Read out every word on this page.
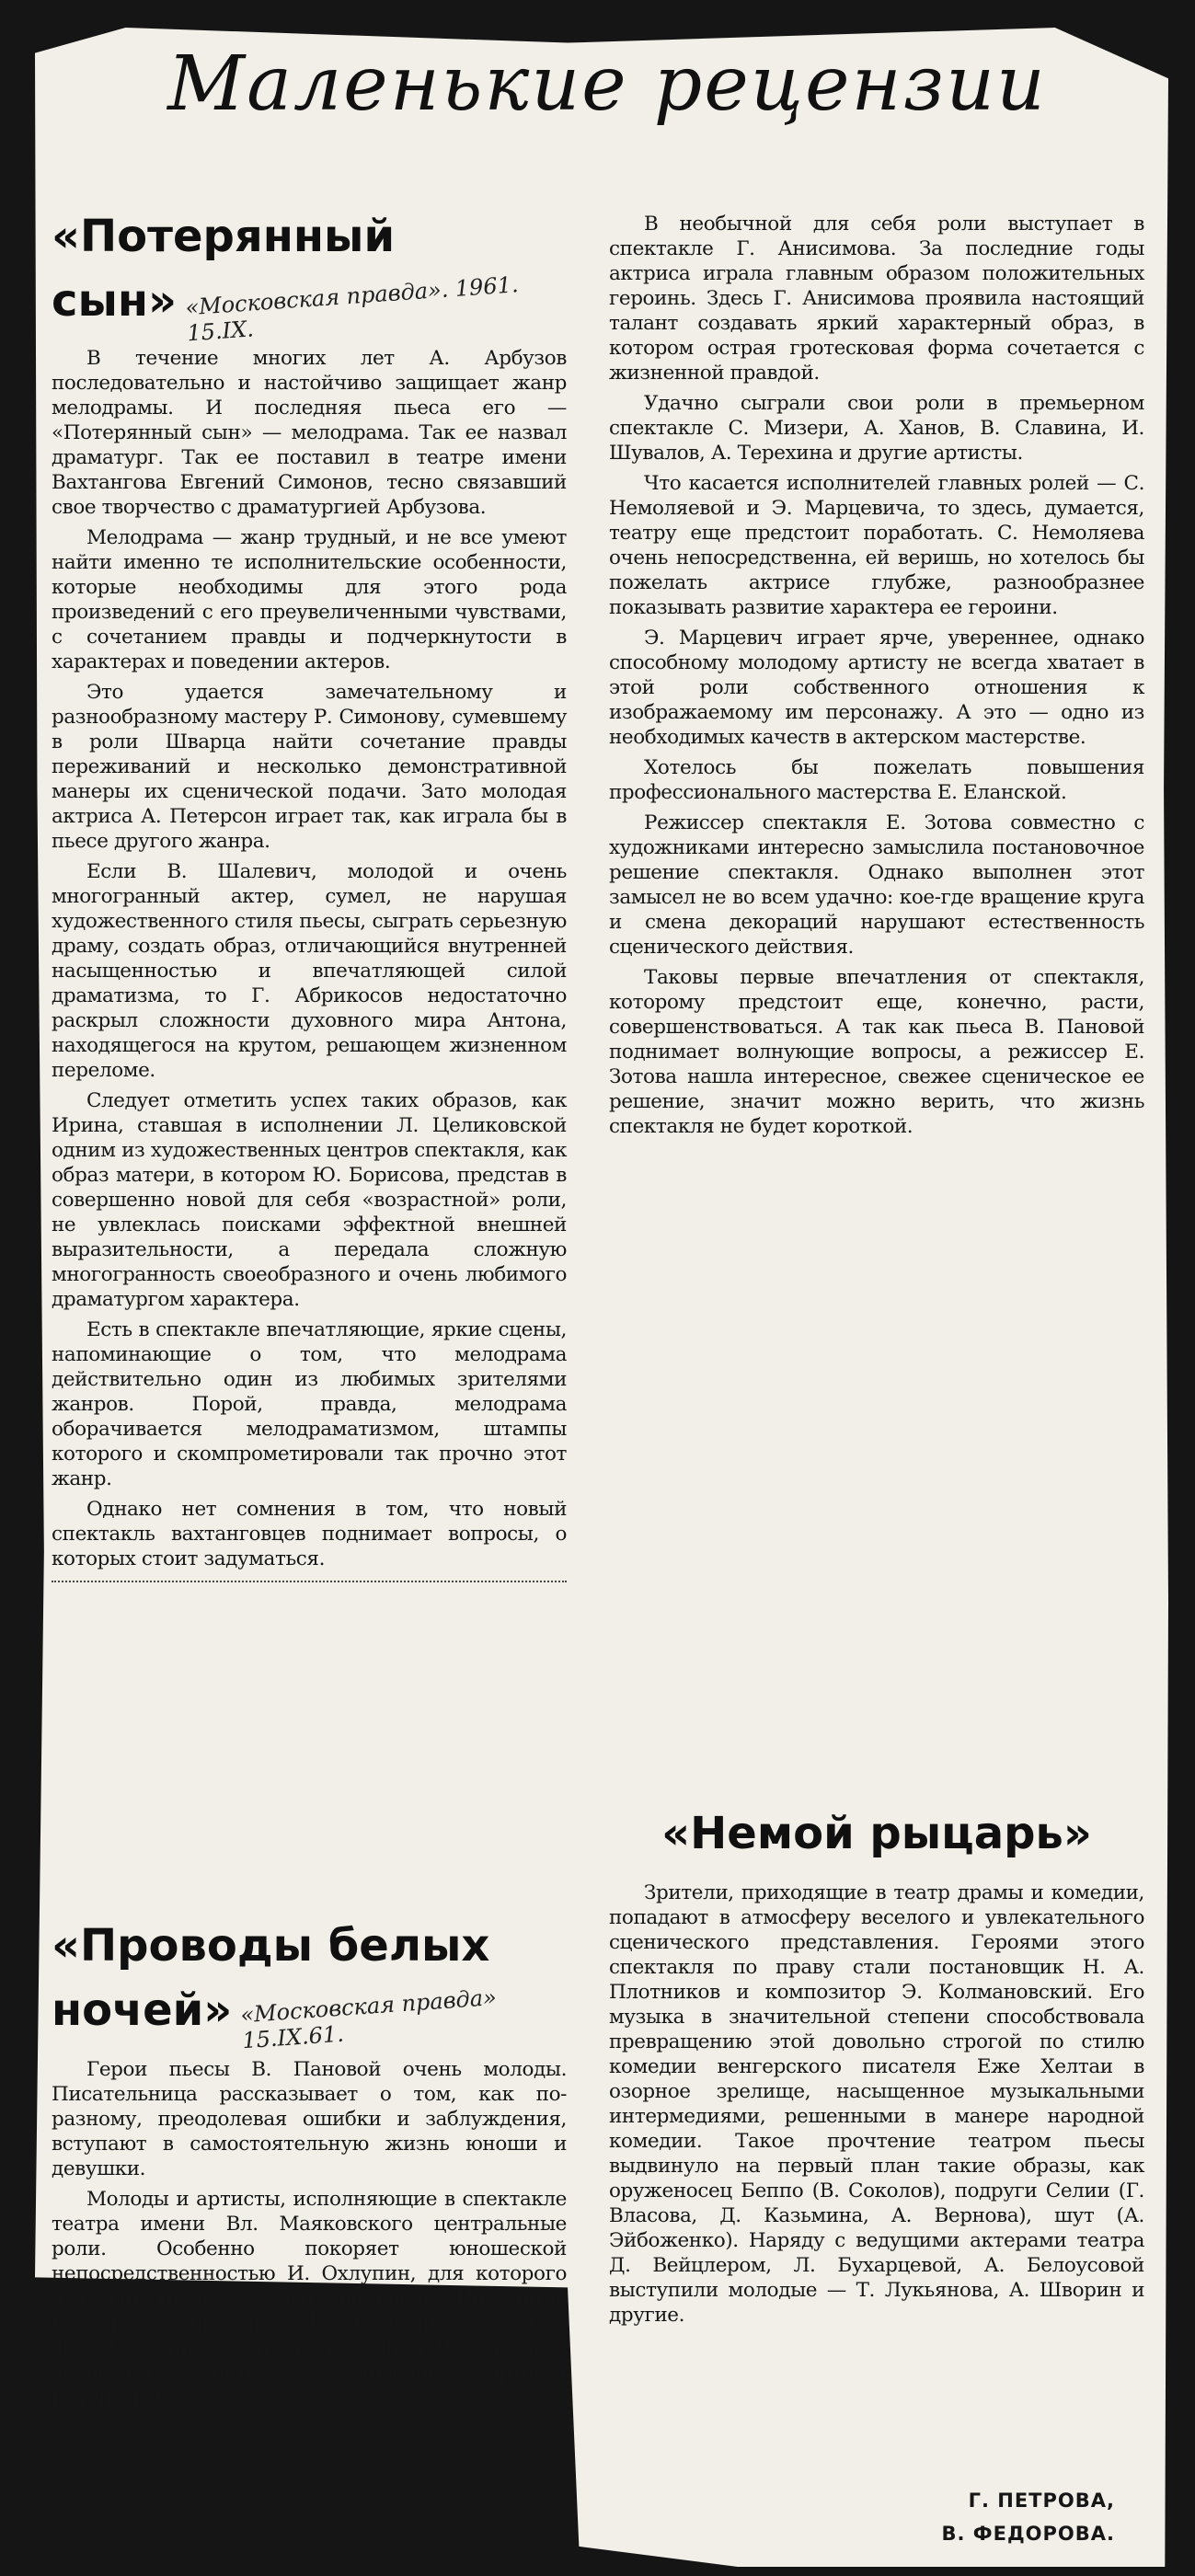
Маленькие рецензии
«Потерянный
сын» «Московская правда». 1961. 15.IX.

В течение многих лет А. Арбузов последовательно и настойчиво защищает жанр мелодрамы. И последняя пьеса его — «Потерянный сын» — мелодрама. Так ее назвал драматург. Так ее поставил в театре имени Вахтангова Евгений Симонов, тесно связавший свое творчество с драматургией Арбузова.

Мелодрама — жанр трудный, и не все умеют найти именно те исполнительские особенности, которые необходимы для этого рода произведений с его преувеличенными чувствами, с сочетанием правды и подчеркнутости в характерах и поведении актеров.

Это удается замечательному и разнообразному мастеру Р. Симонову, сумевшему в роли Шварца найти сочетание правды переживаний и несколько демонстративной манеры их сценической подачи. Зато молодая актриса А. Петерсон играет так, как играла бы в пьесе другого жанра.

Если В. Шалевич, молодой и очень многогранный актер, сумел, не нарушая художественного стиля пьесы, сыграть серьезную драму, создать образ, отличающийся внутренней насыщенностью и впечатляющей силой драматизма, то Г. Абрикосов недостаточно раскрыл сложности духовного мира Антона, находящегося на крутом, решающем жизненном переломе.

Следует отметить успех таких образов, как Ирина, ставшая в исполнении Л. Целиковской одним из художественных центров спектакля, как образ матери, в котором Ю. Борисова, представ в совершенно новой для себя «возрастной» роли, не увлеклась поисками эффектной внешней выразительности, а передала сложную многогранность своеобразного и очень любимого драматургом характера.

Есть в спектакле впечатляющие, яркие сцены, напоминающие о том, что мелодрама действительно один из любимых зрителями жанров. Порой, правда, мелодрама оборачивается мелодраматизмом, штампы которого и скомпрометировали так прочно этот жанр.

Однако нет сомнения в том, что новый спектакль вахтанговцев поднимает вопросы, о которых стоит задуматься.

«Проводы белых
ночей» «Московская правда» 15.IX.61.

Герои пьесы В. Пановой очень молоды. Писательница рассказывает о том, как по-разному, преодолевая ошибки и заблуждения, вступают в самостоятельную жизнь юноши и девушки.

Молоды и артисты, исполняющие в спектакле театра имени Вл. Маяковского центральные роли. Особенно покоряет юношеской непосредственностью И. Охлупин, для которого этот спектакль — дебют на сцене. Но, кроме непосредственности, И. Охлупин обладает вкусом, умением быть достоверным. Все это дает основание ждать от молодого артиста интересных работ.

В необычной для себя роли выступает в спектакле Г. Анисимова. За последние годы актриса играла главным образом положительных героинь. Здесь Г. Анисимова проявила настоящий талант создавать яркий характерный образ, в котором острая гротесковая форма сочетается с жизненной правдой.

Удачно сыграли свои роли в премьерном спектакле С. Мизери, А. Ханов, В. Славина, И. Шувалов, А. Терехина и другие артисты.

Что касается исполнителей главных ролей — С. Немоляевой и Э. Марцевича, то здесь, думается, театру еще предстоит поработать. С. Немоляева очень непосредственна, ей веришь, но хотелось бы пожелать актрисе глубже, разнообразнее показывать развитие характера ее героини.

Э. Марцевич играет ярче, увереннее, однако способному молодому артисту не всегда хватает в этой роли собственного отношения к изображаемому им персонажу. А это — одно из необходимых качеств в актерском мастерстве.

Хотелось бы пожелать повышения профессионального мастерства Е. Еланской.

Режиссер спектакля Е. Зотова совместно с художниками интересно замыслила постановочное решение спектакля. Однако выполнен этот замысел не во всем удачно: кое-где вращение круга и смена декораций нарушают естественность сценического действия.

Таковы первые впечатления от спектакля, которому предстоит еще, конечно, расти, совершенствоваться. А так как пьеса В. Пановой поднимает волнующие вопросы, а режиссер Е. Зотова нашла интересное, свежее сценическое ее решение, значит можно верить, что жизнь спектакля не будет короткой.

«Немой рыцарь»

Зрители, приходящие в театр драмы и комедии, попадают в атмосферу веселого и увлекательного сценического представления. Героями этого спектакля по праву стали постановщик Н. А. Плотников и композитор Э. Колмановский. Его музыка в значительной степени способствовала превращению этой довольно строгой по стилю комедии венгерского писателя Еже Хелтаи в озорное зрелище, насыщенное музыкальными интермедиями, решенными в манере народной комедии. Такое прочтение театром пьесы выдвинуло на первый план такие образы, как оруженосец Беппо (В. Соколов), подруги Селии (Г. Власова, Д. Казьмина, А. Вернова), шут (А. Эйбоженко). Наряду с ведущими актерами театра Д. Вейцлером, Л. Бухарцевой, А. Белоусовой выступили молодые — Т. Лукьянова, А. Шворин и другие.

Г. ПЕТРОВА,
В. ФЕДОРОВА.
